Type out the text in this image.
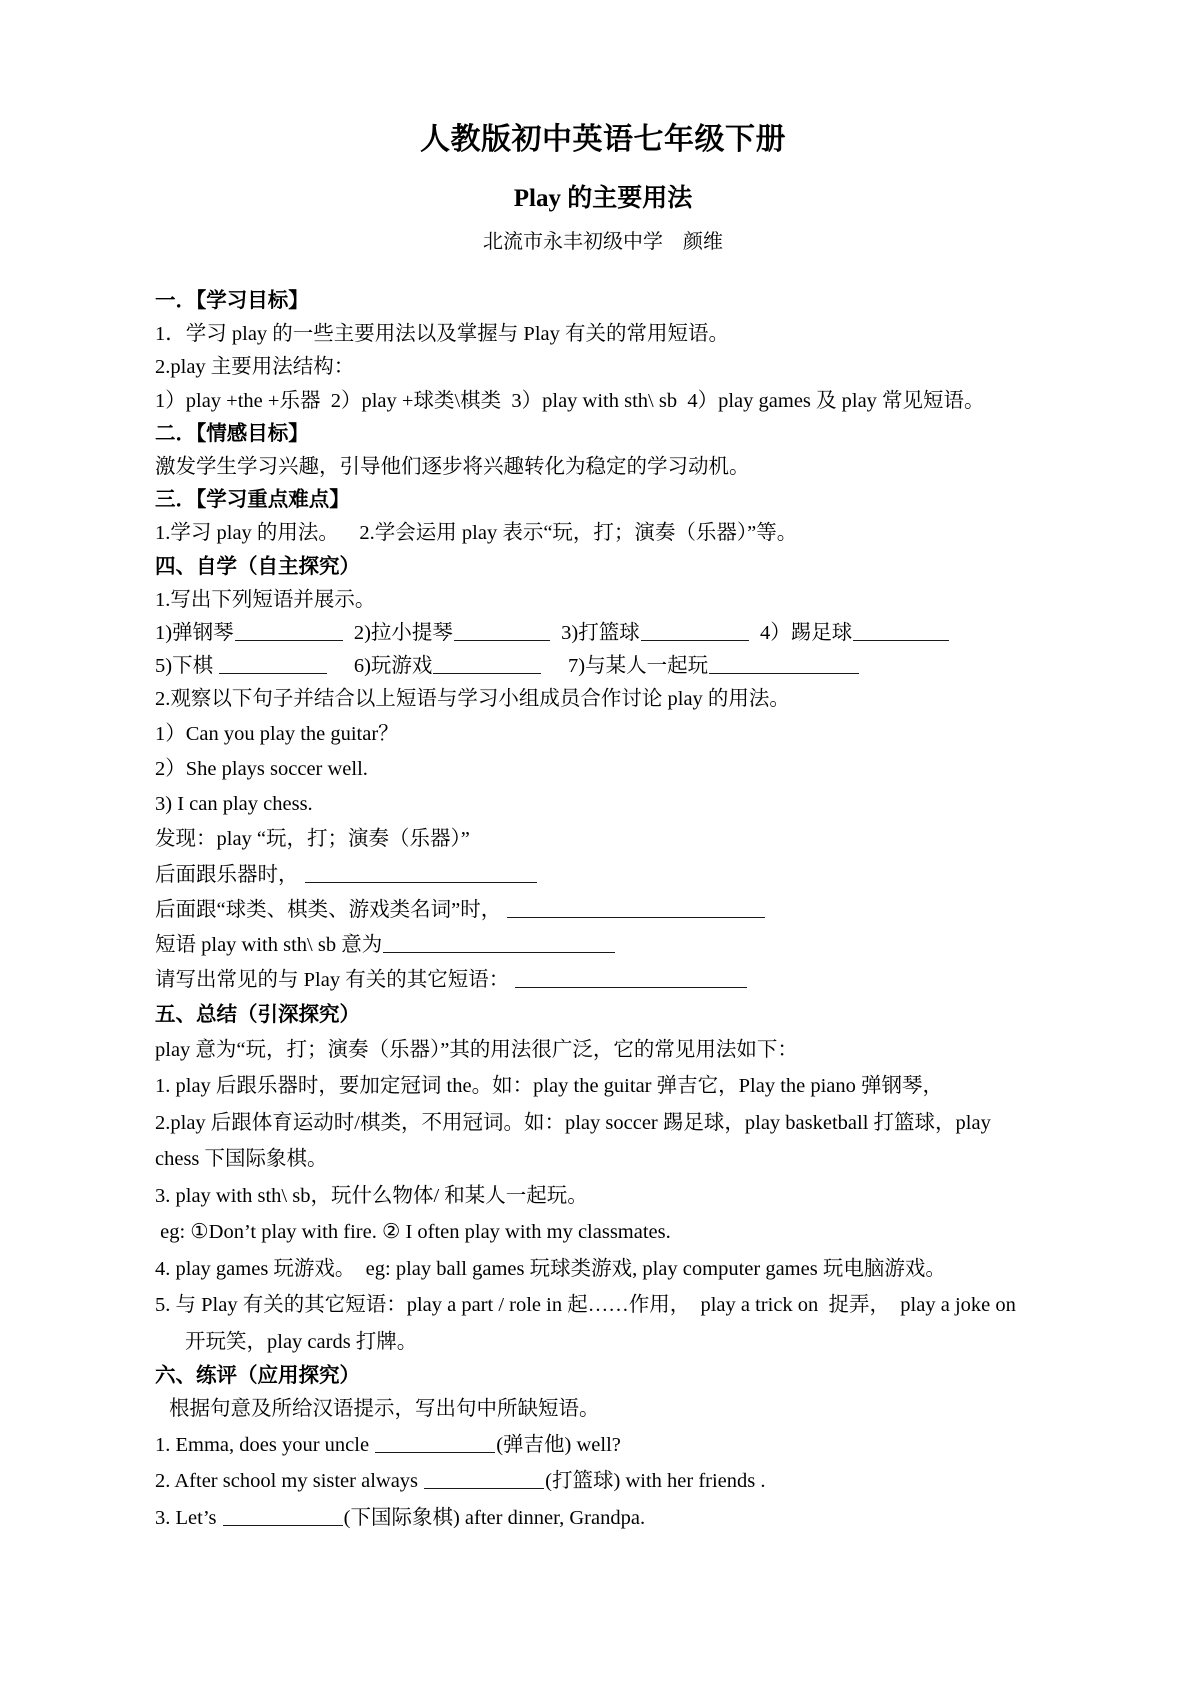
人教版初中英语七年级下册
Play 的主要用法
北流市永丰初级中学　颜维
一．【学习目标】
1．学习 play 的一些主要用法以及掌握与 Play 有关的常用短语。
2.play 主要用法结构：
1）play +the +乐器  2）play +球类\棋类  3）play with sth\ sb  4）play games 及 play 常见短语。
二．【情感目标】
激发学生学习兴趣，引导他们逐步将兴趣转化为稳定的学习动机。
三．【学习重点难点】
1.学习 play 的用法。　  2.学会运用 play 表示“玩，打；演奏（乐器）”等。
四、自学（自主探究）
1.写出下列短语并展示。
1)弹钢琴	2)拉小提琴	3)打篮球	4）踢足球
5)下棋 　	6)玩游戏　	7)与某人一起玩
2.观察以下句子并结合以上短语与学习小组成员合作讨论 play 的用法。
1）Can you play the guitar？
2）She plays soccer well.
3) I can play chess.
发现：play “玩，打；演奏（乐器）”
后面跟乐器时，
后面跟“球类、棋类、游戏类名词”时，
短语 play with sth\ sb 意为
请写出常见的与 Play 有关的其它短语：
五、总结（引深探究）
play 意为“玩，打；演奏（乐器）”其的用法很广泛，它的常见用法如下：
1. play 后跟乐器时，要加定冠词 the。如：play the guitar 弹吉它，Play the piano 弹钢琴，
2.play 后跟体育运动时/棋类，不用冠词。如：play soccer 踢足球，play basketball 打篮球，play
chess 下国际象棋。
3. play with sth\ sb，玩什么物体/ 和某人一起玩。
eg: ①Don’t play with fire. ② I often play with my classmates.
4. play games 玩游戏。　eg: play ball games 玩球类游戏, play computer games 玩电脑游戏。
5. 与 Play 有关的其它短语：play a part / role in 起……作用，　play a trick on  捉弄，　play a joke on
开玩笑，play cards 打牌。
六、练评（应用探究）
根据句意及所给汉语提示，写出句中所缺短语。
1. Emma, does your uncle	(弹吉他) well?
2. After school my sister always	(打篮球) with her friends .
3. Let’s	(下国际象棋) after dinner, Grandpa.
